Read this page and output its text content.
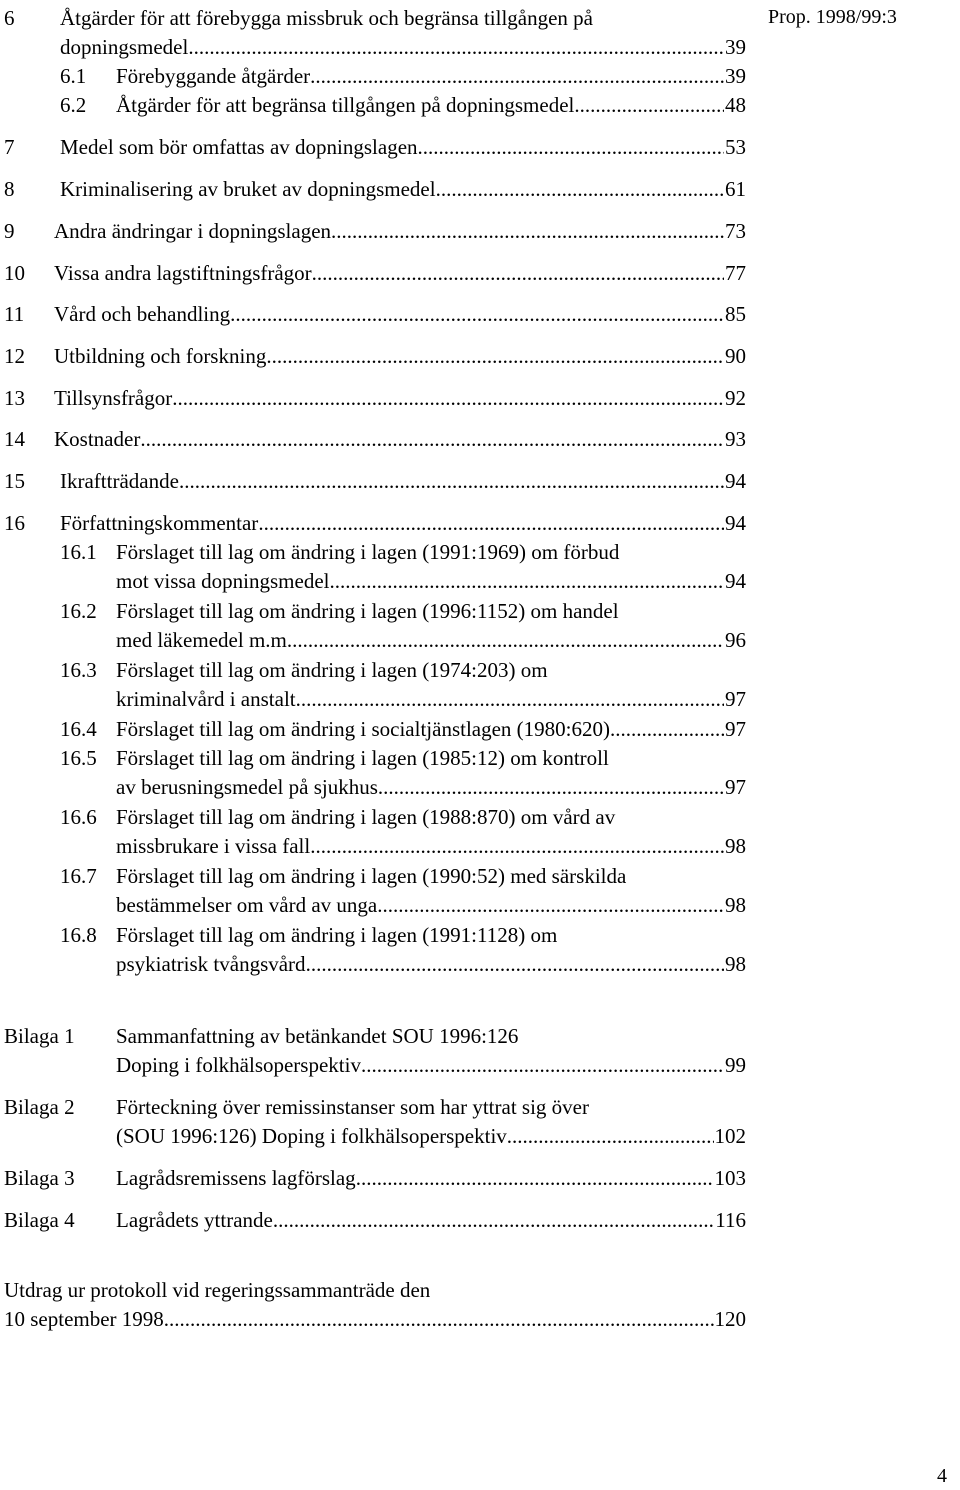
Prop. 1998/99:3
6 Åtgärder för att förebygga missbruk och begränsa tillgången på
dopningsmedel .....	39
6.1 Förebyggande åtgärder .....	39
6.2 Åtgärder för att begränsa tillgången på dopningsmedel .....	48
7 Medel som bör omfattas av dopningslagen .....	53
8 Kriminalisering av bruket av dopningsmedel .....	61
9 Andra ändringar i dopningslagen .....	73
10 Vissa andra lagstiftningsfrågor .....	77
11 Vård och behandling .....	85
12 Utbildning och forskning .....	90
13 Tillsynsfrågor .....	92
14 Kostnader .....	93
15 Ikraftträdande .....	94
16 Författningskommentar .....	94
16.1 Förslaget till lag om ändring i lagen (1991:1969) om förbud
mot vissa dopningsmedel .....	94
16.2 Förslaget till lag om ändring i lagen (1996:1152) om handel
med läkemedel m.m. .....	96
16.3 Förslaget till lag om ändring i lagen (1974:203) om
kriminalvård i anstalt .....	97
16.4 Förslaget till lag om ändring i socialtjänstlagen (1980:620) .....	97
16.5 Förslaget till lag om ändring i lagen (1985:12) om kontroll
av berusningsmedel på sjukhus .....	97
16.6 Förslaget till lag om ändring i lagen (1988:870) om vård av
missbrukare i vissa fall .....	98
16.7 Förslaget till lag om ändring i lagen (1990:52) med särskilda
bestämmelser om vård av unga .....	98
16.8 Förslaget till lag om ändring i lagen (1991:1128) om
psykiatrisk tvångsvård .....	98
Bilaga 1 Sammanfattning av betänkandet SOU 1996:126
Doping i folkhälsoperspektiv .....	99
Bilaga 2 Förteckning över remissinstanser som har yttrat sig över
(SOU 1996:126) Doping i folkhälsoperspektiv .....	102
Bilaga 3 Lagrådsremissens lagförslag .....	103
Bilaga 4 Lagrådets yttrande .....	116
Utdrag ur protokoll vid regeringssammanträde den
10 september 1998 .....	120
4
